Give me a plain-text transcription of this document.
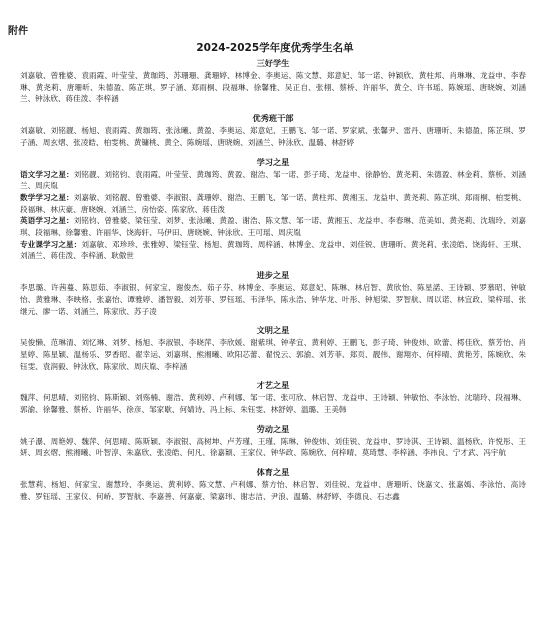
附件
2024-2025学年度优秀学生名单
三好学生

刘嘉敏、曾雅婆、袁雨霞、叶莹莹、黄珈筠、苏珊珊、龚珊婷、林博金、李奥运、陈文慧、郑意妃、邹一诺、钟颖欣、黄柱邦、肖琳琳、龙益申、李春琳、黄尧莉、唐珊昕、朱德盈、陈芷琪、罗子涵、郑雨桐、段福琳、徐馨雅、吴正自、张栩、蔡桥、许丽华、黄仝、许书瑶、陈婉瑶、唐晓婉、刘涵兰、钟泳欣、蒋佳泼、李梓涵

优秀班干部

刘嘉敏、刘铭靓、杨旭、袁雨霞、黄珈筠、张泳曦、黄盈、李奥运、郑意妃、王鹏飞、邹一诺、罗家斌、张馨尹、雷丹、唐珊昕、朱德盈、陈芷琪、罗子涵、周玄熠、张凌皓、柏雯桃、黄镛桃、黄仝、陈婉瑶、唐晓婉、刘涵兰、钟泳欣、温璐、林舒婷

学习之星

语文学习之星：刘铭靓、刘铭钧、袁雨霞、叶莹莹、黄珈筠、黄盈、谢浩、邹一诺、彭子琦、龙益申、徐静怡、黄尧莉、朱德盈、林金莉、蔡桥、刘涵兰、周庆胤

数学学习之星：刘嘉敏、刘铭靓、曾雅婆、李淑银、龚珊婷、谢浩、王鹏飞、邹一诺、黄柱邦、黄湘玉、龙益申、黄尧莉、陈芷琪、郑雨桐、柏雯桃、段福琳、林庆豪、唐晓婉、刘涵兰、房怡姿、陈家欣、蒋佳泼

英语学习之星：刘铭钧、曾雅婆、梁钰莹、刘梦、张泳曦、黄盈、谢浩、陈文慧、邹一诺、黄湘玉、龙益申、李春琳、范美如、黄尧莉、沈瑞玲、刘嘉琪、段福琳、徐馨雅、许丽华、饶海轩、马伊田、唐晓婉、钟泳欣、王可瑶、周庆胤

专业课学习之星：刘嘉敏、邓珍珍、张雅婷、梁钰莹、杨旭、黄珈筠、周梓涵、林博金、龙益申、刘佳锐、唐珊昕、黄尧莉、张凌皓、饶海轩、王琪、刘涵兰、蒋佳泼、李梓涵、耿傲世

进步之星

李思璐、许茜蔓、陈思茹、李淑银、何家宝、谢俊杰、茹子芬、林博金、李奥运、郑意妃、陈琳、林启智、黄欣怡、陈星諾、王诗颖、罗慕昭、钟敏怡、黄雅琳、李映格、张嘉怡、谭雅婷、潘智毅、刘芳菲、罗钰瑶、韦泽华、陈永浩、钟华龙、叶彤、钟旭梁、罗智航、周以诺、林宜政、梁梓瑶、张继元、廖一诺、刘涵兰、陈家欣、苏子凌

文明之星

吴俊懒、范琳清、刘忆琳、刘梦、杨旭、李淑银、李晓萍、李欣媛、谢紫琪、钟孝宜、黄利婷、王鹏飞、彭子琦、钟俊炜、欧蕾、樗佳欣、蔡芳怡、肖星婷、陈星颖、温杨乐、罗香昭、翟幸运、刘嘉琪、熊湘曦、欧阳芯蕾、翟悦云、郭渝、刘芳菲、郑页、靓伟、谢翔亦、何梓晴、黄艳芳、陈婉欣、朱钰雯、袁润毅、钟泳欣、陈家欣、周庆胤、李梓涵

才艺之星

魏萍、何思晴、刘铭钧、陈斯颖、刘殇楠、谢浩、黄利婷、卢利娜、邹一诺、张可欣、林启智、龙益申、王诗颖、钟敏怡、李泳怡、沈瑞玲、段福琳、郭渝、徐馨雅、蔡桥、许丽华、徐彦、邹家歇、何婧诗、冯上标、朱钰雯、林舒婷、温璐、王美韩

劳动之星

姚子瀑、周艳婷、魏萍、何思晴、陈斯颖、李淑银、高树坤、卢芳瑾、王瑾、陈琳、钟俊炜、刘佳锐、龙益申、罗诗淇、王诗颖、温杨欣、许悦彤、王妍、周玄熠、熊湘曦、叶智淳、朱嘉欣、张凌皓、何凡、徐嘉颖、王家仪、钟华政、陈婉欣、何梓晴、莫琦慧、李梓涵、李祎良、宁才武、冯宇航

体育之星

张慧莉、杨旭、何家宝、谢慧玲、李奥运、黄利婷、陈文慧、卢利娜、蔡方怡、林启智、刘佳锐、龙益申、唐珊昕、饶嘉文、张嘉嫣、李泳怡、高诗雅、罗钰瑶、王家仪、何峤、罗智航、李嘉善、何嘉豪、梁嘉玮、谢志洁、尹浪、温璐、林舒婷、李德良、石志鑫
